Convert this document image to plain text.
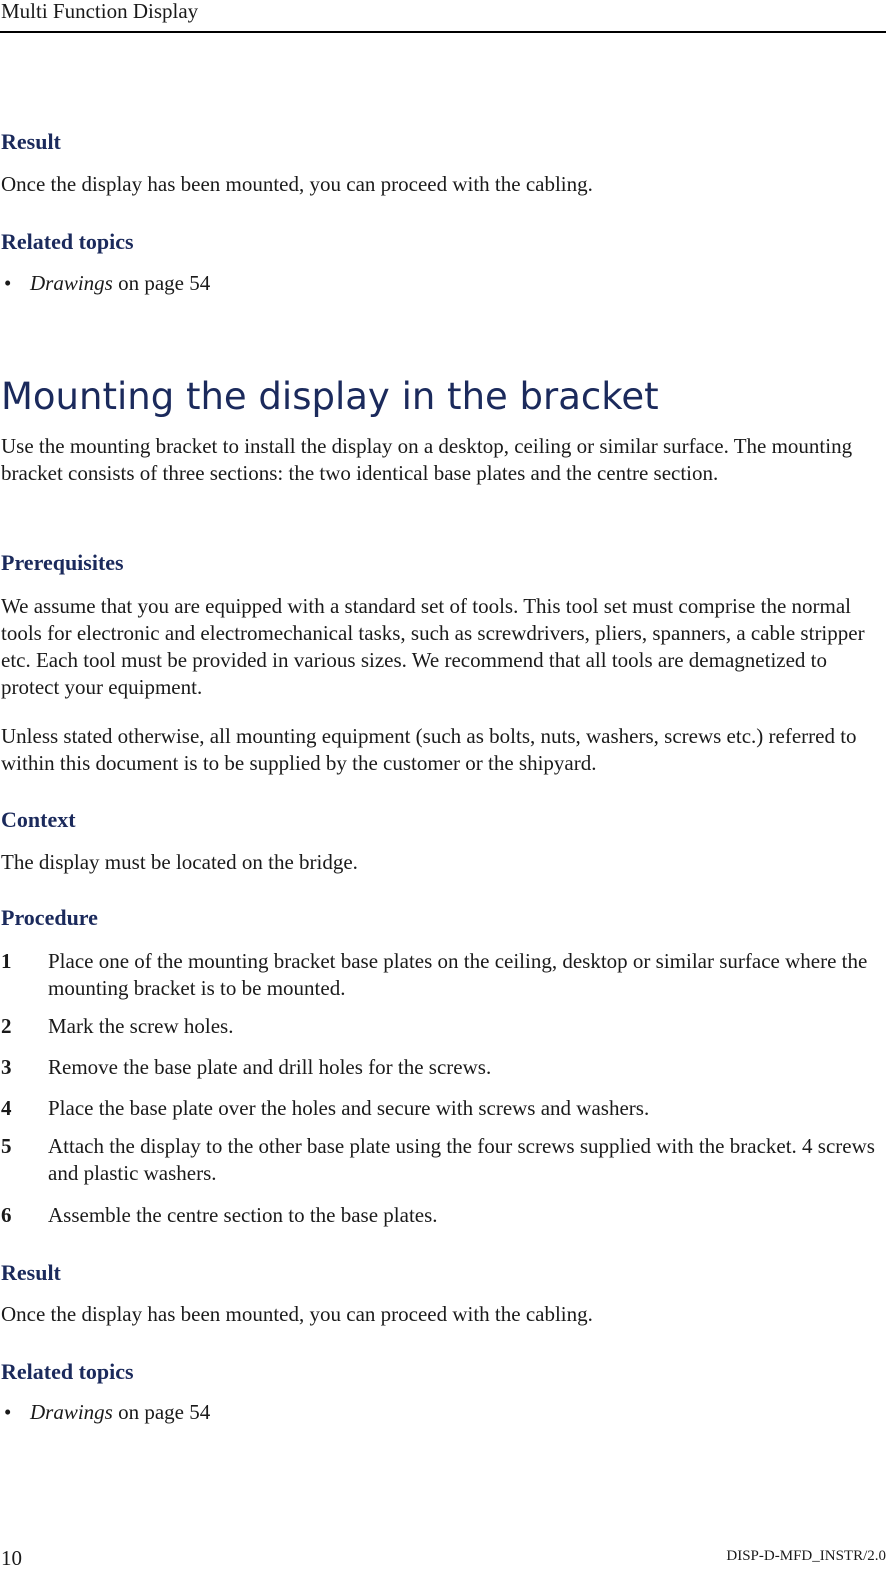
Multi Function Display
Result

Once the display has been mounted, you can proceed with the cabling.

Related topics
• Drawings on page 54
Mounting the display in the bracket

Use the mounting bracket to install the display on a desktop, ceiling or similar surface. The mounting bracket consists of three sections: the two identical base plates and the centre section.

Prerequisites

We assume that you are equipped with a standard set of tools. This tool set must comprise the normal tools for electronic and electromechanical tasks, such as screwdrivers, pliers, spanners, a cable stripper etc. Each tool must be provided in various sizes. We recommend that all tools are demagnetized to protect your equipment.

Unless stated otherwise, all mounting equipment (such as bolts, nuts, washers, screws etc.) referred to within this document is to be supplied by the customer or the shipyard.

Context

The display must be located on the bridge.

Procedure
1 Place one of the mounting bracket base plates on the ceiling, desktop or similar surface where the mounting bracket is to be mounted.
2 Mark the screw holes.
3 Remove the base plate and drill holes for the screws.
4 Place the base plate over the holes and secure with screws and washers.
5 Attach the display to the other base plate using the four screws supplied with the bracket. 4 screws and plastic washers.
6 Assemble the centre section to the base plates.
Result

Once the display has been mounted, you can proceed with the cabling.

Related topics
• Drawings on page 54
10	DISP-D-MFD_INSTR/2.0
